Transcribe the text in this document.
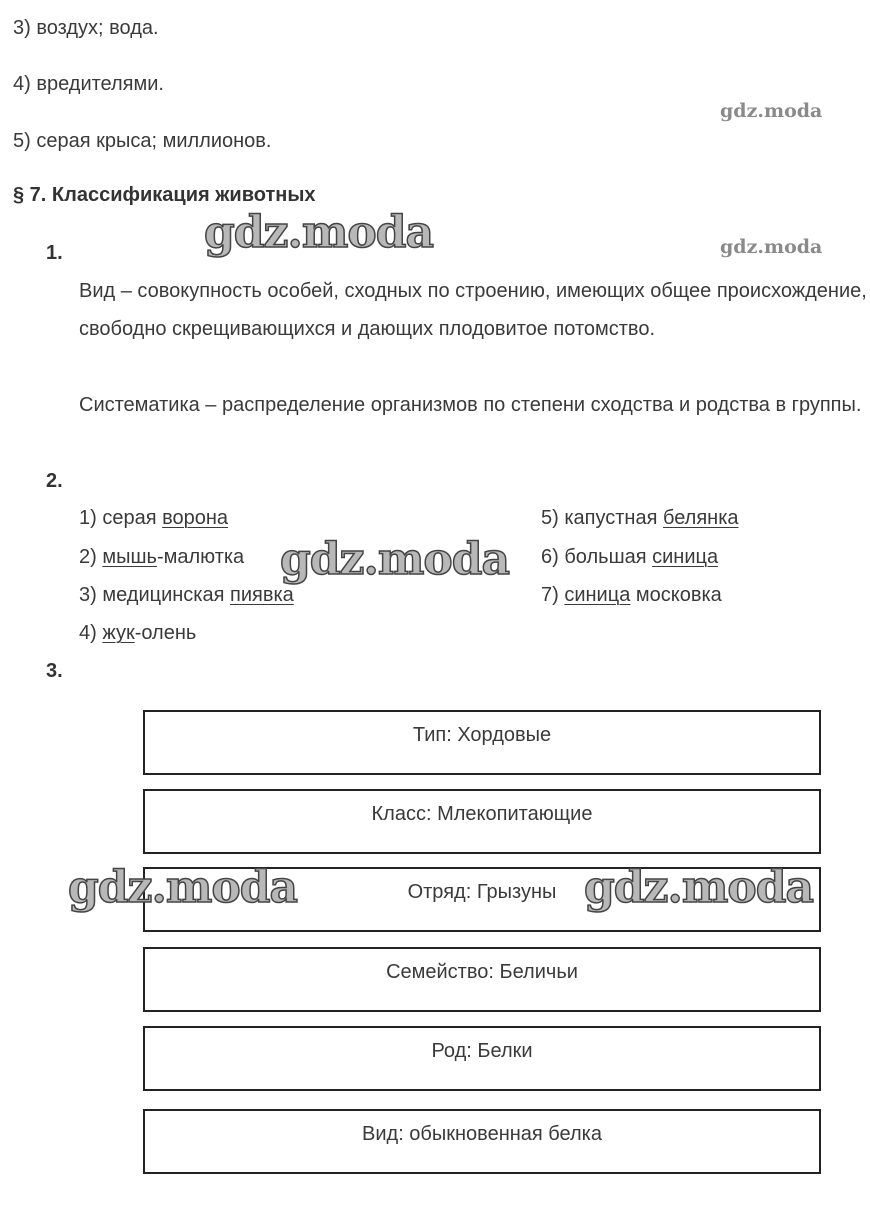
3) воздух; вода.
4) вредителями.
5) серая крыса; миллионов.
§ 7. Классификация животных
1.

Вид – совокупность особей, сходных по строению, имеющих общее происхождение, свободно скрещивающихся и дающих плодовитое потомство.

Систематика – распределение организмов по степени сходства и родства в группы.

2.
1) серая ворона
2) мышь-малютка
3) медицинская пиявка
4) жук-олень
5) капустная белянка
6) большая синица
7) синица московка
3.
Тип: Хордовые
Класс: Млекопитающие
Отряд: Грызуны
Семейство: Беличьи
Род: Белки
Вид: обыкновенная белка
gdz.moda
gdz.moda
gdz.moda
gdz.moda
gdz.moda	gdz.moda
